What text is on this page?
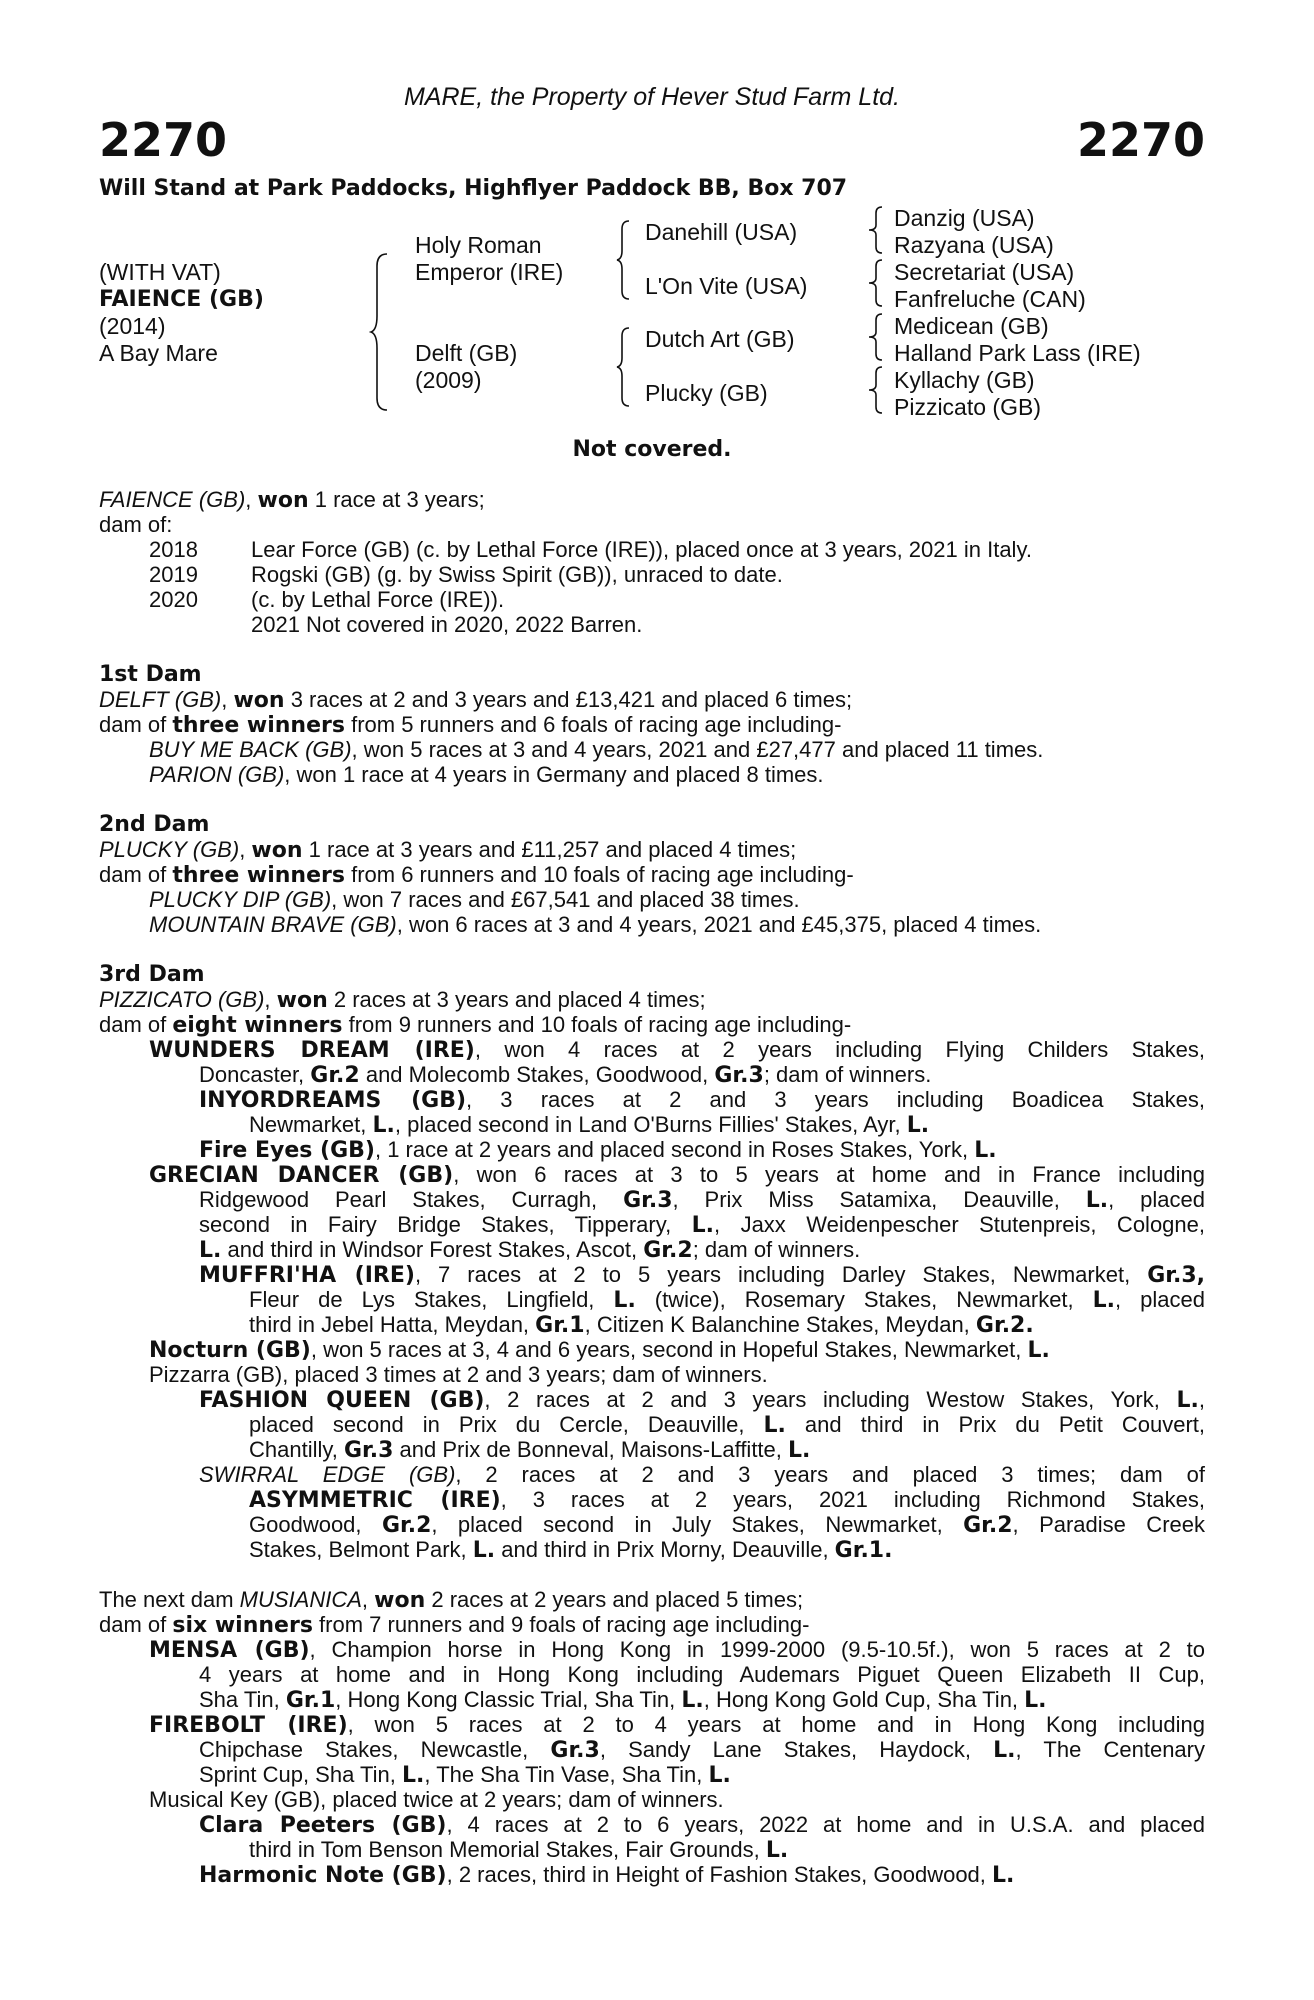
MARE, the Property of Hever Stud Farm Ltd.
2270	2270
Will Stand at Park Paddocks, Highflyer Paddock BB, Box 707
(WITH VAT)
FAIENCE (GB)
(2014)
A Bay Mare
Holy Roman
Emperor (IRE)
Delft (GB)
(2009)
Danehill (USA)
L'On Vite (USA)
Dutch Art (GB)
Plucky (GB)
Danzig (USA)
Razyana (USA)
Secretariat (USA)
Fanfreluche (CAN)
Medicean (GB)
Halland Park Lass (IRE)
Kyllachy (GB)
Pizzicato (GB)
Not covered.
FAIENCE (GB), won 1 race at 3 years;
dam of:
2018 Lear Force (GB) (c. by Lethal Force (IRE)), placed once at 3 years, 2021 in Italy.
2019 Rogski (GB) (g. by Swiss Spirit (GB)), unraced to date.
2020 (c. by Lethal Force (IRE)).
2021 Not covered in 2020, 2022 Barren.
1st Dam
DELFT (GB), won 3 races at 2 and 3 years and £13,421 and placed 6 times;
dam of three winners from 5 runners and 6 foals of racing age including-
BUY ME BACK (GB), won 5 races at 3 and 4 years, 2021 and £27,477 and placed 11 times.
PARION (GB), won 1 race at 4 years in Germany and placed 8 times.
2nd Dam
PLUCKY (GB), won 1 race at 3 years and £11,257 and placed 4 times;
dam of three winners from 6 runners and 10 foals of racing age including-
PLUCKY DIP (GB), won 7 races and £67,541 and placed 38 times.
MOUNTAIN BRAVE (GB), won 6 races at 3 and 4 years, 2021 and £45,375, placed 4 times.
3rd Dam
PIZZICATO (GB), won 2 races at 3 years and placed 4 times;
dam of eight winners from 9 runners and 10 foals of racing age including-
WUNDERS DREAM (IRE), won 4 races at 2 years including Flying Childers Stakes,
Doncaster, Gr.2 and Molecomb Stakes, Goodwood, Gr.3; dam of winners.
INYORDREAMS (GB), 3 races at 2 and 3 years including Boadicea Stakes,
Newmarket, L., placed second in Land O'Burns Fillies' Stakes, Ayr, L.
Fire Eyes (GB), 1 race at 2 years and placed second in Roses Stakes, York, L.
GRECIAN DANCER (GB), won 6 races at 3 to 5 years at home and in France including
Ridgewood Pearl Stakes, Curragh, Gr.3, Prix Miss Satamixa, Deauville, L., placed
second in Fairy Bridge Stakes, Tipperary, L., Jaxx Weidenpescher Stutenpreis, Cologne,
L. and third in Windsor Forest Stakes, Ascot, Gr.2; dam of winners.
MUFFRI'HA (IRE), 7 races at 2 to 5 years including Darley Stakes, Newmarket, Gr.3,
Fleur de Lys Stakes, Lingfield, L. (twice), Rosemary Stakes, Newmarket, L., placed
third in Jebel Hatta, Meydan, Gr.1, Citizen K Balanchine Stakes, Meydan, Gr.2.
Nocturn (GB), won 5 races at 3, 4 and 6 years, second in Hopeful Stakes, Newmarket, L.
Pizzarra (GB), placed 3 times at 2 and 3 years; dam of winners.
FASHION QUEEN (GB), 2 races at 2 and 3 years including Westow Stakes, York, L.,
placed second in Prix du Cercle, Deauville, L. and third in Prix du Petit Couvert,
Chantilly, Gr.3 and Prix de Bonneval, Maisons-Laffitte, L.
SWIRRAL EDGE (GB), 2 races at 2 and 3 years and placed 3 times; dam of
ASYMMETRIC (IRE), 3 races at 2 years, 2021 including Richmond Stakes,
Goodwood, Gr.2, placed second in July Stakes, Newmarket, Gr.2, Paradise Creek
Stakes, Belmont Park, L. and third in Prix Morny, Deauville, Gr.1.
The next dam MUSIANICA, won 2 races at 2 years and placed 5 times;
dam of six winners from 7 runners and 9 foals of racing age including-
MENSA (GB), Champion horse in Hong Kong in 1999-2000 (9.5-10.5f.), won 5 races at 2 to
4 years at home and in Hong Kong including Audemars Piguet Queen Elizabeth II Cup,
Sha Tin, Gr.1, Hong Kong Classic Trial, Sha Tin, L., Hong Kong Gold Cup, Sha Tin, L.
FIREBOLT (IRE), won 5 races at 2 to 4 years at home and in Hong Kong including
Chipchase Stakes, Newcastle, Gr.3, Sandy Lane Stakes, Haydock, L., The Centenary
Sprint Cup, Sha Tin, L., The Sha Tin Vase, Sha Tin, L.
Musical Key (GB), placed twice at 2 years; dam of winners.
Clara Peeters (GB), 4 races at 2 to 6 years, 2022 at home and in U.S.A. and placed
third in Tom Benson Memorial Stakes, Fair Grounds, L.
Harmonic Note (GB), 2 races, third in Height of Fashion Stakes, Goodwood, L.
